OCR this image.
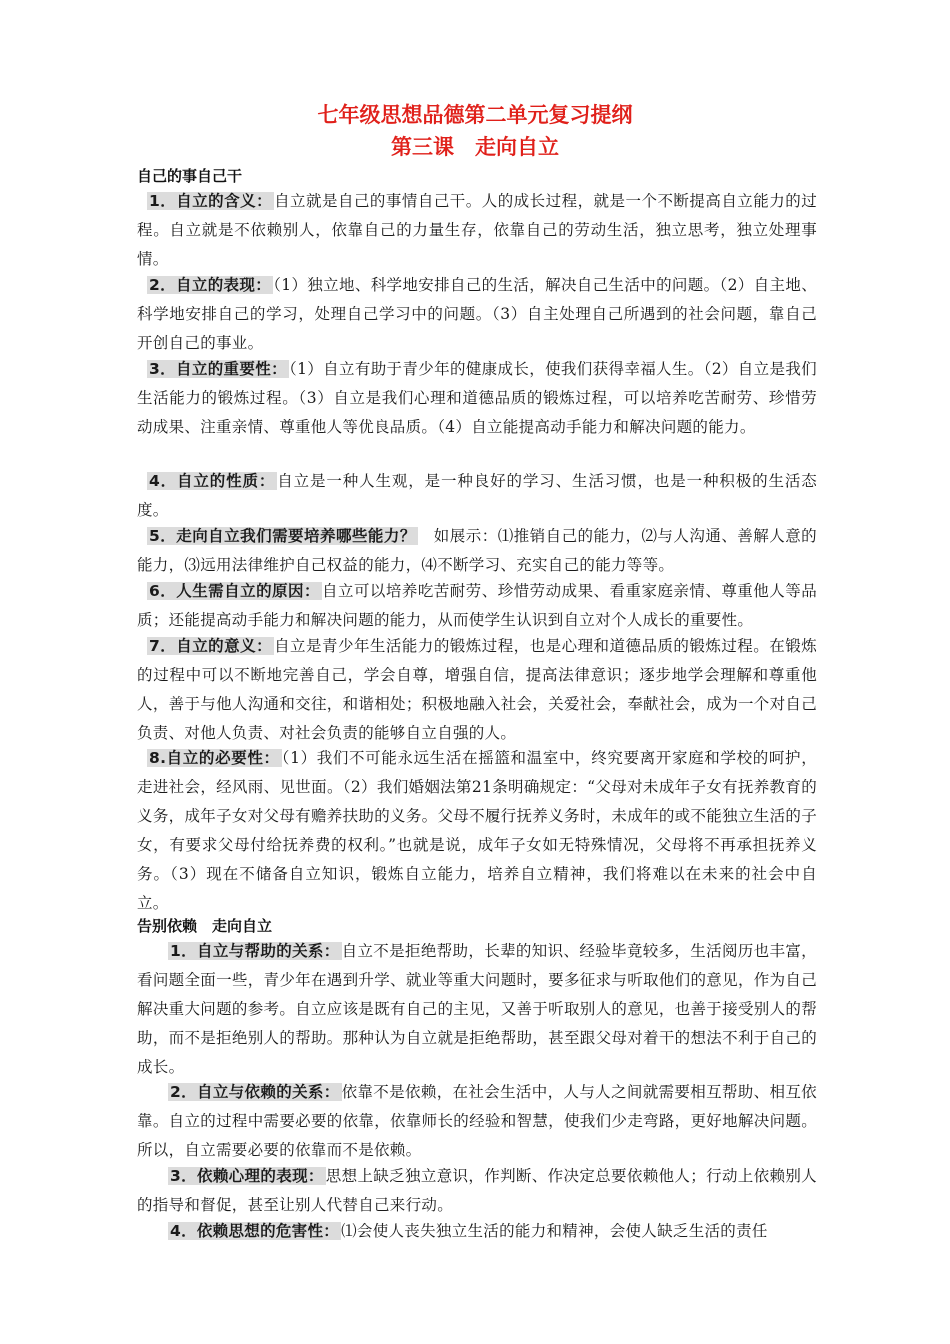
七年级思想品德第二单元复习提纲
第三课　走向自立
自己的事自己干

1．自立的含义： 自立就是自己的事情自己干。人的成长过程，就是一个不断提高自立能力的过程。自立就是不依赖别人，依靠自己的力量生存，依靠自己的劳动生活，独立思考，独立处理事情。

2．自立的表现： （1）独立地、科学地安排自己的生活，解决自己生活中的问题。（2）自主地、科学地安排自己的学习，处理自己学习中的问题。（3）自主处理自己所遇到的社会问题，靠自己开创自己的事业。

3．自立的重要性： （1）自立有助于青少年的健康成长，使我们获得幸福人生。（2）自立是我们生活能力的锻炼过程。（3）自立是我们心理和道德品质的锻炼过程，可以培养吃苦耐劳、珍惜劳动成果、注重亲情、尊重他人等优良品质。（4）自立能提高动手能力和解决问题的能力。

4．自立的性质： 自立是一种人生观，是一种良好的学习、生活习惯，也是一种积极的生活态度。

5．走向自立我们需要培养哪些能力？　如展示：⑴推销自己的能力，⑵与人沟通、善解人意的能力，⑶远用法律维护自己权益的能力，⑷不断学习、充实自己的能力等等。

6．人生需自立的原因： 自立可以培养吃苦耐劳、珍惜劳动成果、看重家庭亲情、尊重他人等品质；还能提高动手能力和解决问题的能力，从而使学生认识到自立对个人成长的重要性。

7．自立的意义： 自立是青少年生活能力的锻炼过程，也是心理和道德品质的锻炼过程。在锻炼的过程中可以不断地完善自己，学会自尊，增强自信，提高法律意识；逐步地学会理解和尊重他人，善于与他人沟通和交往，和谐相处；积极地融入社会，关爱社会，奉献社会，成为一个对自己负责、对他人负责、对社会负责的能够自立自强的人。

8.自立的必要性： （1）我们不可能永远生活在摇篮和温室中，终究要离开家庭和学校的呵护，走进社会，经风雨、见世面。（2）我们婚姻法第21条明确规定：“父母对未成年子女有抚养教育的义务，成年子女对父母有赡养扶助的义务。父母不履行抚养义务时，未成年的或不能独立生活的子女，有要求父母付给抚养费的权利。”也就是说，成年子女如无特殊情况，父母将不再承担抚养义务。（3）现在不储备自立知识，锻炼自立能力，培养自立精神，我们将难以在未来的社会中自立。

告别依赖　走向自立

1．自立与帮助的关系： 自立不是拒绝帮助，长辈的知识、经验毕竟较多，生活阅历也丰富，看问题全面一些，青少年在遇到升学、就业等重大问题时，要多征求与听取他们的意见，作为自己解决重大问题的参考。自立应该是既有自己的主见，又善于听取别人的意见，也善于接受别人的帮助，而不是拒绝别人的帮助。那种认为自立就是拒绝帮助，甚至跟父母对着干的想法不利于自己的成长。

2．自立与依赖的关系： 依靠不是依赖，在社会生活中，人与人之间就需要相互帮助、相互依靠。自立的过程中需要必要的依靠，依靠师长的经验和智慧，使我们少走弯路，更好地解决问题。所以，自立需要必要的依靠而不是依赖。

3．依赖心理的表现： 思想上缺乏独立意识，作判断、作决定总要依赖他人；行动上依赖别人的指导和督促，甚至让别人代替自己来行动。

4．依赖思想的危害性： ⑴会使人丧失独立生活的能力和精神，会使人缺乏生活的责任
